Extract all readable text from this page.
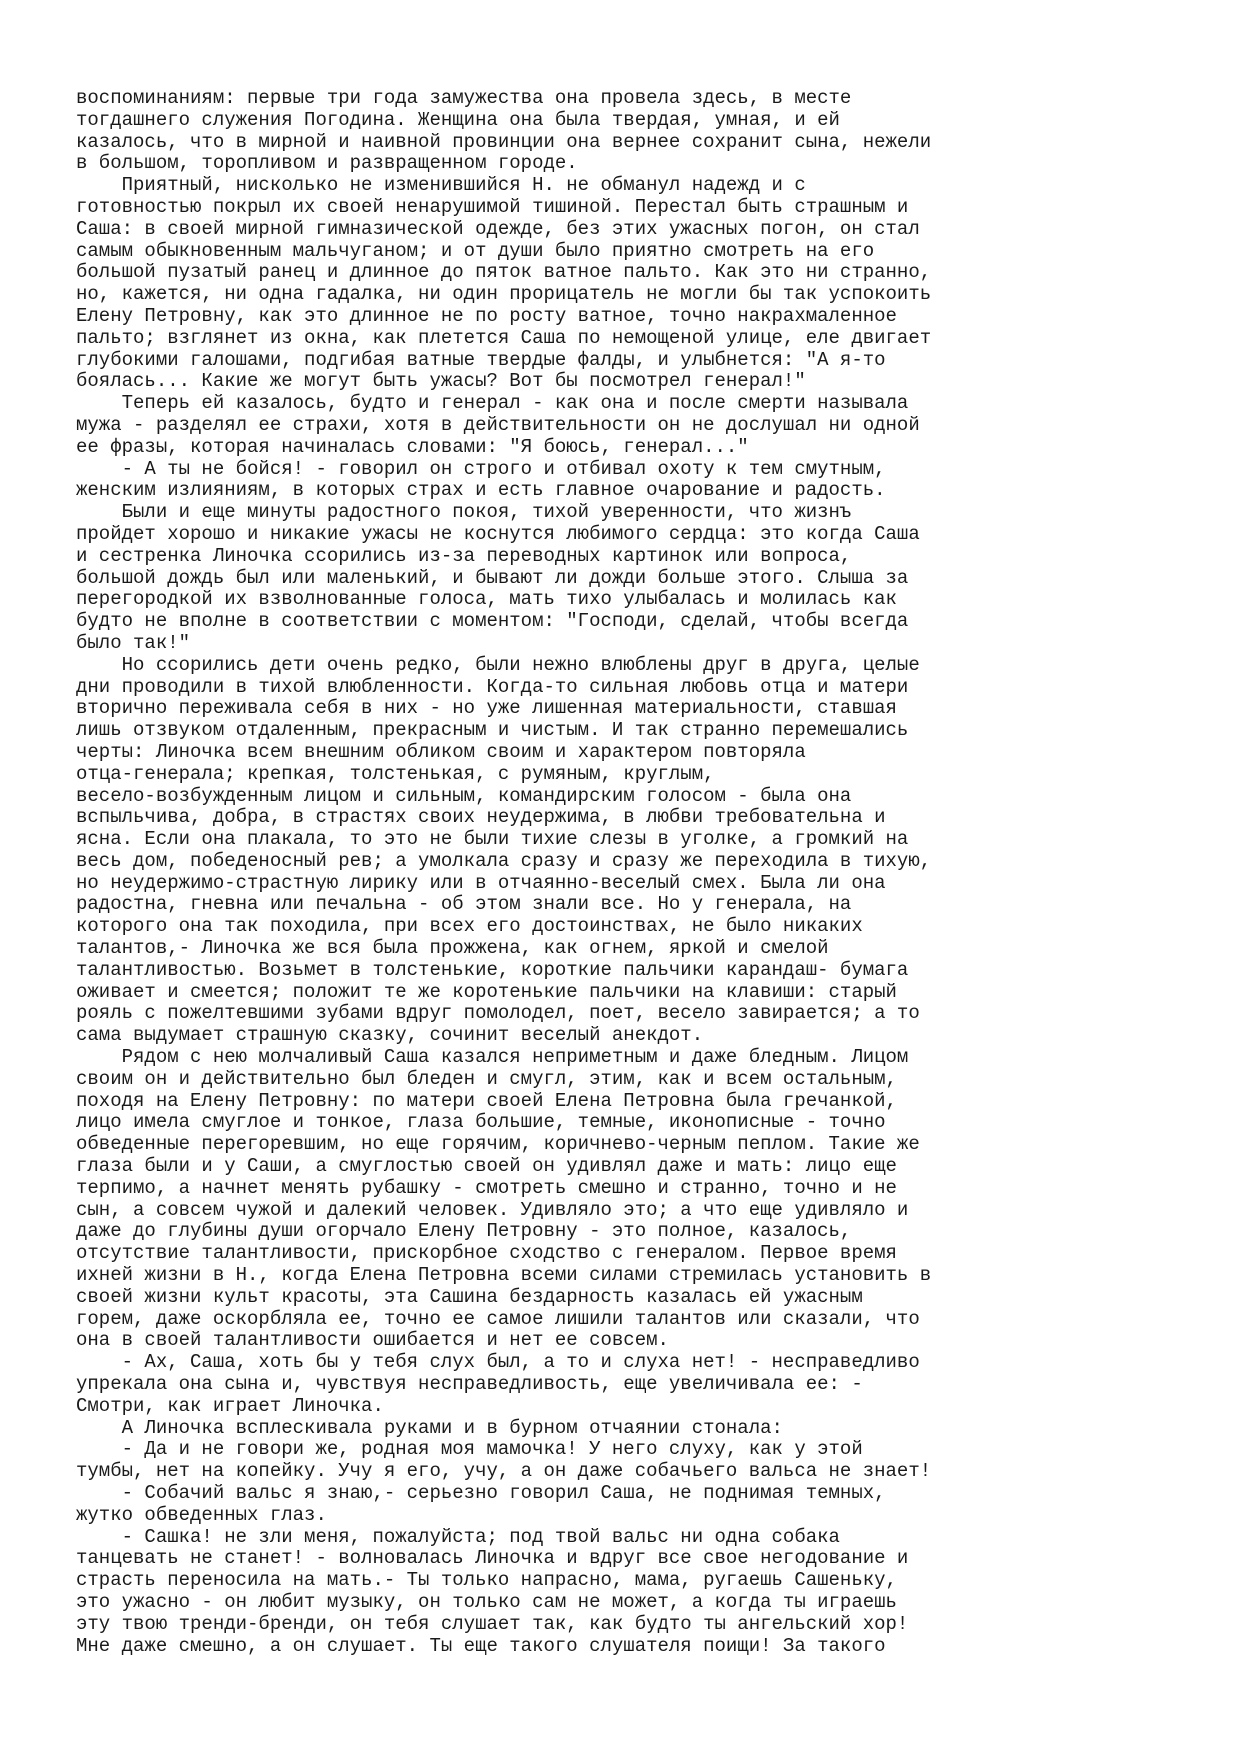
воспоминаниям: первые три года замужества она провела здесь, в месте
тогдашнего служения Погодина. Женщина она была твердая, умная, и ей
казалось, что в мирной и наивной провинции она вернее сохранит сына, нежели
в большом, торопливом и развращенном городе.
Приятный, нисколько не изменившийся Н. не обманул надежд и с
готовностью покрыл их своей ненарушимой тишиной. Перестал быть страшным и
Саша: в своей мирной гимназической одежде, без этих ужасных погон, он стал
самым обыкновенным мальчуганом; и от души было приятно смотреть на его
большой пузатый ранец и длинное до пяток ватное пальто. Как это ни странно,
но, кажется, ни одна гадалка, ни один прорицатель не могли бы так успокоить
Елену Петровну, как это длинное не по росту ватное, точно накрахмаленное
пальто; взглянет из окна, как плетется Саша по немощеной улице, еле двигает
глубокими галошами, подгибая ватные твердые фалды, и улыбнется: "А я-то
боялась... Какие же могут быть ужасы? Вот бы посмотрел генерал!"
Теперь ей казалось, будто и генерал - как она и после смерти называла
мужа - разделял ее страхи, хотя в действительности он не дослушал ни одной
ее фразы, которая начиналась словами: "Я боюсь, генерал..."
- А ты не бойся! - говорил он строго и отбивал охоту к тем смутным,
женским излияниям, в которых страх и есть главное очарование и радость.
Были и еще минуты радостного покоя, тихой уверенности, что жизнъ
пройдет хорошо и никакие ужасы не коснутся любимого сердца: это когда Саша
и сестренка Линочка ссорились из-за переводных картинок или вопроса,
большой дождь был или маленький, и бывают ли дожди больше этого. Слыша за
перегородкой их взволнованные голоса, мать тихо улыбалась и молилась как
будто не вполне в соответствии с моментом: "Господи, сделай, чтобы всегда
было так!"
Но ссорились дети очень редко, были нежно влюблены друг в друга, целые
дни проводили в тихой влюбленности. Когда-то сильная любовь отца и матери
вторично переживала себя в них - но уже лишенная материальности, ставшая
лишь отзвуком отдаленным, прекрасным и чистым. И так странно перемешались
черты: Линочка всем внешним обликом своим и характером повторяла
отца-генерала; крепкая, толстенькая, с румяным, круглым,
весело-возбужденным лицом и сильным, командирским голосом - была она
вспыльчива, добра, в страстях своих неудержима, в любви требовательна и
ясна. Если она плакала, то это не были тихие слезы в уголке, а громкий на
весь дом, победеносный рев; а умолкала сразу и сразу же переходила в тихую,
но неудержимо-страстную лирику или в отчаянно-веселый смех. Была ли она
радостна, гневна или печальна - об этом знали все. Но у генерала, на
которого она так походила, при всех его достоинствах, не было никаких
талантов,- Линочка же вся была прожжена, как огнем, яркой и смелой
талантливостью. Возьмет в толстенькие, короткие пальчики карандаш- бумага
оживает и смеется; положит те же коротенькие пальчики на клавиши: старый
рояль с пожелтевшими зубами вдруг помолодел, поет, весело завирается; а то
сама выдумает страшную сказку, сочинит веселый анекдот.
Рядом с нею молчаливый Саша казался неприметным и даже бледным. Лицом
своим он и действительно был бледен и смугл, этим, как и всем остальным,
походя на Елену Петровну: по матери своей Елена Петровна была гречанкой,
лицо имела смуглое и тонкое, глаза большие, темные, иконописные - точно
обведенные перегоревшим, но еще горячим, коричнево-черным пеплом. Такие же
глаза были и у Саши, а смуглостью своей он удивлял даже и мать: лицо еще
терпимо, а начнет менять рубашку - смотреть смешно и странно, точно и не
сын, а совсем чужой и далекий человек. Удивляло это; а что еще удивляло и
даже до глубины души огорчало Елену Петровну - это полное, казалось,
отсутствие талантливости, прискорбное сходство с генералом. Первое время
ихней жизни в Н., когда Елена Петровна всеми силами стремилась установить в
своей жизни культ красоты, эта Сашина бездарность казалась ей ужасным
горем, даже оскорбляла ее, точно ее самое лишили талантов или сказали, что
она в своей талантливости ошибается и нет ее совсем.
- Ах, Саша, хоть бы у тебя слух был, а то и слуха нет! - несправедливо
упрекала она сына и, чувствуя несправедливость, еще увеличивала ее: -
Смотри, как играет Линочка.
А Линочка всплескивала руками и в бурном отчаянии стонала:
- Да и не говори же, родная моя мамочка! У него слуху, как у этой
тумбы, нет на копейку. Учу я его, учу, а он даже собачьего вальса не знает!
- Собачий вальс я знаю,- серьезно говорил Саша, не поднимая темных,
жутко обведенных глаз.
- Сашка! не зли меня, пожалуйста; под твой вальс ни одна собака
танцевать не станет! - волновалась Линочка и вдруг все свое негодование и
страсть переносила на мать.- Ты только напрасно, мама, ругаешь Сашеньку,
это ужасно - он любит музыку, он только сам не может, а когда ты играешь
эту твою тренди-бренди, он тебя слушает так, как будто ты ангельский хор!
Мне даже смешно, а он слушает. Ты еще такого слушателя поищи! За такого
